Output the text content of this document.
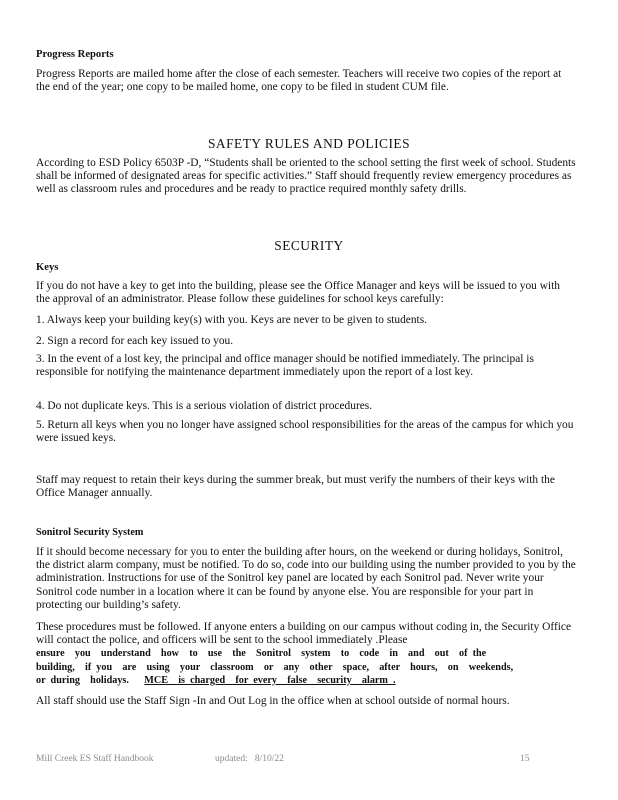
Progress Reports

Progress Reports are mailed home after the close of each semester. Teachers will receive two copies of the report at the end of the year; one copy to be mailed home, one copy to be filed in student CUM file.

SAFETY RULES AND POLICIES

According to ESD Policy 6503P -D, “Students shall be oriented to the school setting the first week of school. Students shall be informed of designated areas for specific activities.” Staff should frequently review emergency procedures as well as classroom rules and procedures and be ready to practice required monthly safety drills.

SECURITY
Keys

If you do not have a key to get into the building, please see the Office Manager and keys will be issued to you with the approval of an administrator. Please follow these guidelines for school keys carefully:

1. Always keep your building key(s) with you. Keys are never to be given to students.

2. Sign a record for each key issued to you.

3. In the event of a lost key, the principal and office manager should be notified immediately. The principal is responsible for notifying the maintenance department immediately upon the report of a lost key.

4. Do not duplicate keys. This is a serious violation of district procedures.

5. Return all keys when you no longer have assigned school responsibilities for the areas of the campus for which you were issued keys.

Staff may request to retain their keys during the summer break, but must verify the numbers of their keys with the Office Manager annually.

Sonitrol Security System

If it should become necessary for you to enter the building after hours, on the weekend or during holidays, Sonitrol, the district alarm company, must be notified. To do so, code into our building using the number provided to you by the administration. Instructions for use of the Sonitrol key panel are located by each Sonitrol pad. Never write your Sonitrol code number in a location where it can be found by anyone else. You are responsible for your part in protecting our building’s safety.

These procedures must be followed. If anyone enters a building on our campus without coding in, the Security Office will contact the police, and officers will be sent to the school immediately .Please

ensure    you    understand    how    to    use    the    Sonitrol    system    to    code    in    and    out    of  the

building,    if  you    are    using    your    classroom    or    any    other    space,    after    hours,    on    weekends,

or  during    holidays. MCE    is  charged    for  every    false    security    alarm  .

All staff should use the Staff Sign -In and Out Log in the office when at school outside of normal hours.

Mill Creek ES Staff Handbook	updated:   8/10/22	15
